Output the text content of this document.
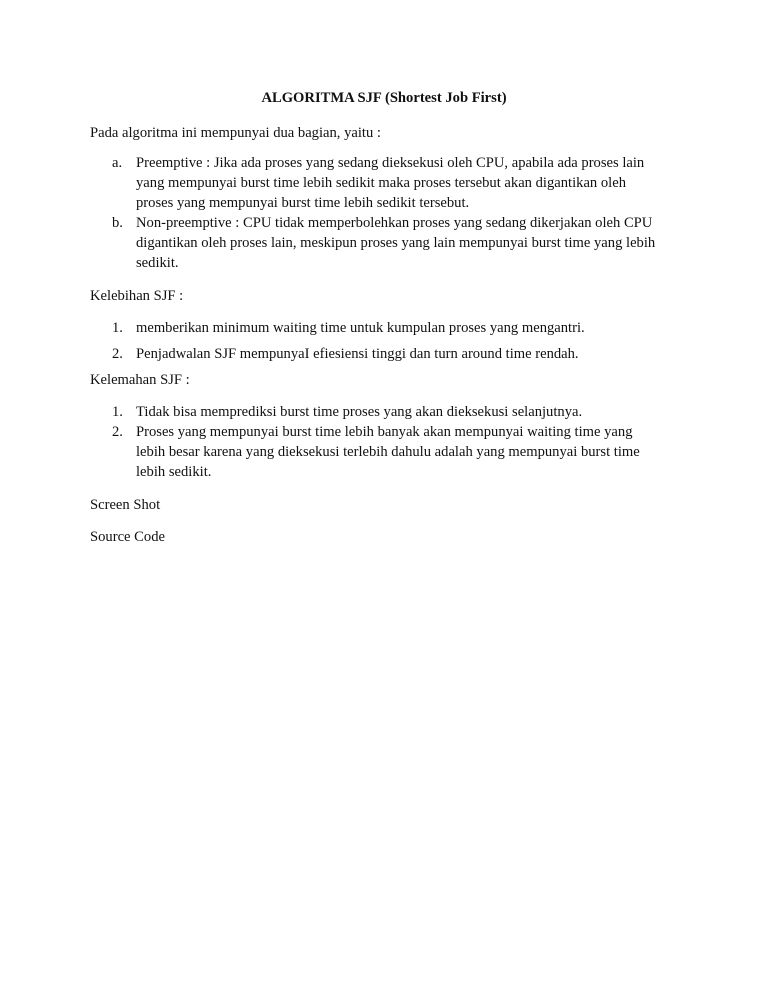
ALGORITMA SJF (Shortest Job First)

Pada algoritma ini mempunyai dua bagian, yaitu :

a. Preemptive : Jika ada proses yang sedang dieksekusi oleh CPU, apabila ada proses lain
yang mempunyai burst time lebih sedikit maka proses tersebut akan digantikan oleh
proses yang mempunyai burst time lebih sedikit tersebut.
b. Non-preemptive : CPU tidak memperbolehkan proses yang sedang dikerjakan oleh CPU
digantikan oleh proses lain, meskipun proses yang lain mempunyai burst time yang lebih
sedikit.

Kelebihan SJF :

1. memberikan minimum waiting time untuk kumpulan proses yang mengantri.
2. Penjadwalan SJF mempunyaI efiesiensi tinggi dan turn around time rendah.

Kelemahan SJF :

1. Tidak bisa memprediksi burst time proses yang akan dieksekusi selanjutnya.
2. Proses yang mempunyai burst time lebih banyak akan mempunyai waiting time yang
lebih besar karena yang dieksekusi terlebih dahulu adalah yang mempunyai burst time
lebih sedikit.

Screen Shot

Source Code
